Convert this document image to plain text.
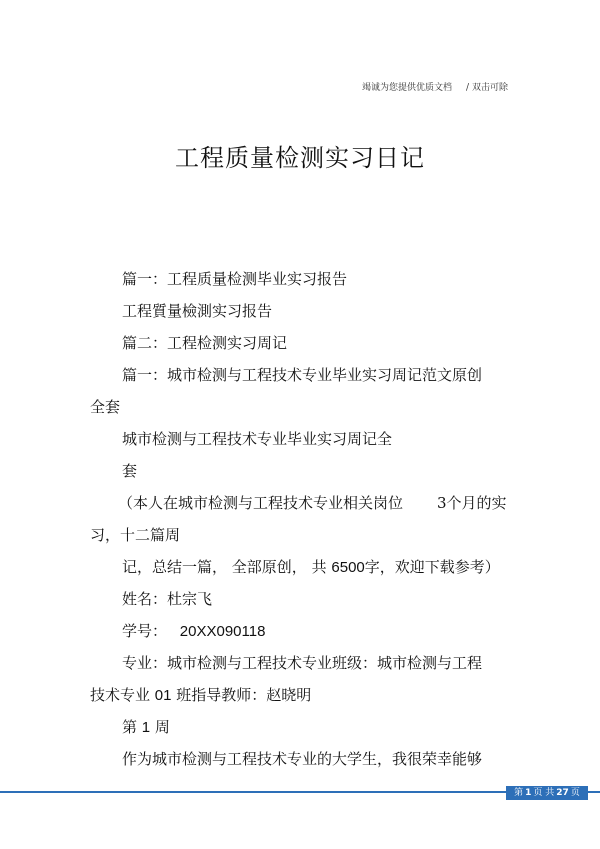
竭诚为您提供优质文档 / 双击可除
工程质量检测实习日记
篇一：工程质量检测毕业实习报告
工程質量檢測实习报告
篇二：工程检测实习周记
篇一：城市检测与工程技术专业毕业实习周记范文原创
全套
城市检测与工程技术专业毕业实习周记全
套
（本人在城市检测与工程技术专业相关岗位 3个月的实
习，十二篇周
记，总结一篇， 全部原创， 共 6500字，欢迎下载参考）
姓名：杜宗飞
学号： 20XX090118
专业：城市检测与工程技术专业班级：城市检测与工程
技术专业 01 班指导教师：赵晓明
第 1 周
作为城市检测与工程技术专业的大学生，我很荣幸能够
第 1 页 共 27 页
